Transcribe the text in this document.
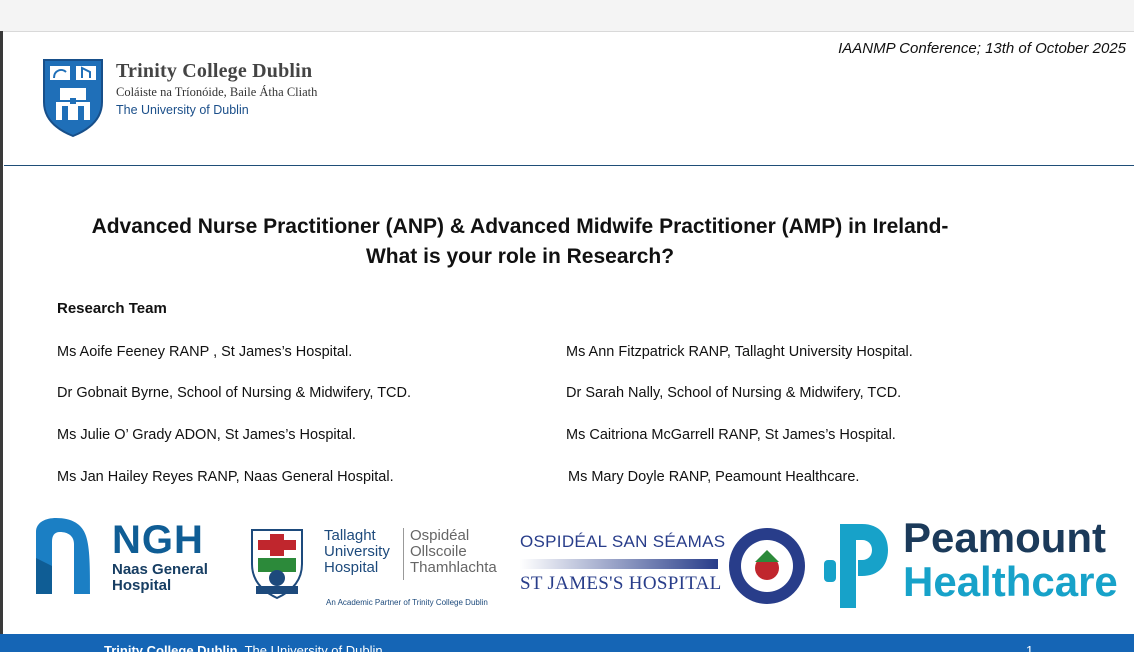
IAANMP Conference; 13th of October 2025
Trinity College Dublin
Coláiste na Tríonóide, Baile Átha Cliath
The University of Dublin
Advanced Nurse Practitioner (ANP) & Advanced Midwife Practitioner (AMP) in Ireland-
What is your role in Research?
Research Team
Ms Aoife Feeney RANP , St James’s Hospital.
Dr Gobnait Byrne, School of Nursing & Midwifery, TCD.
Ms Julie O’ Grady ADON, St James’s Hospital.
Ms Jan Hailey Reyes RANP, Naas General Hospital.
Ms Ann Fitzpatrick RANP, Tallaght University Hospital.
Dr Sarah Nally, School of Nursing & Midwifery, TCD.
Ms Caitriona McGarrell RANP, St James’s Hospital.
Ms Mary Doyle RANP, Peamount Healthcare.
NGH
Naas General
Hospital
Tallaght
University
Hospital
Ospidéal
Ollscoile
Thamhlachta
An Academic Partner of Trinity College Dublin
OSPIDÉAL SAN SÉAMAS
ST JAMES'S HOSPITAL
Peamount
Healthcare
Trinity College Dublin, The University of Dublin	1
